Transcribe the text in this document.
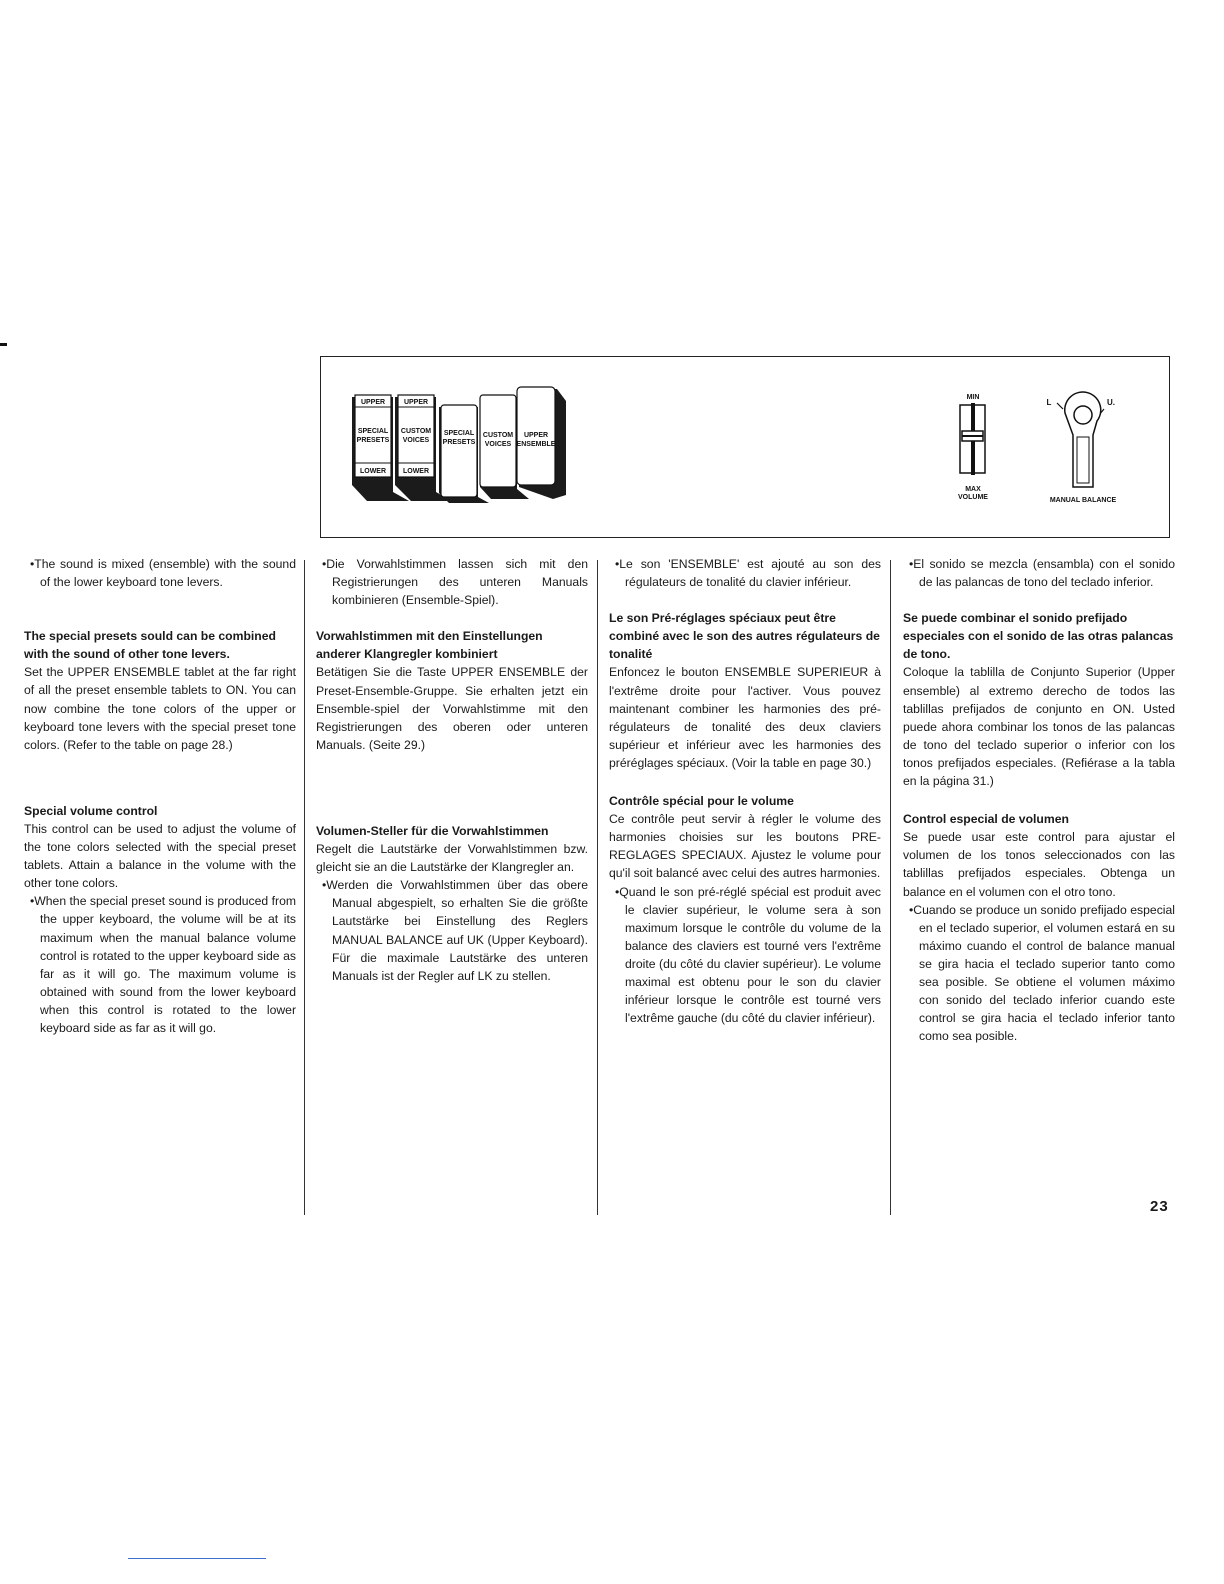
UPPER
SPECIAL
PRESETS
LOWER
UPPER
CUSTOM
VOICES
LOWER
SPECIAL
PRESETS
CUSTOM
VOICES
UPPER
ENSEMBLE
MIN
MAX
VOLUME
L	U.
MANUAL BALANCE

•The sound is mixed (ensemble) with the sound of the lower keyboard tone levers.

The special presets sould can be combined with the sound of other tone levers.

Set the UPPER ENSEMBLE tablet at the far right of all the preset ensemble tablets to ON. You can now combine the tone colors of the upper or keyboard tone levers with the special preset tone colors. (Refer to the table on page 28.)

Special volume control

This control can be used to adjust the volume of the tone colors selected with the special preset tablets. Attain a balance in the volume with the other tone colors.

•When the special preset sound is produced from the upper keyboard, the volume will be at its maximum when the manual balance volume control is rotated to the upper keyboard side as far as it will go. The maximum volume is obtained with sound from the lower keyboard when this control is rotated to the lower keyboard side as far as it will go.

•Die Vorwahlstimmen lassen sich mit den Registrierungen des unteren Manuals kombinieren (Ensemble-Spiel).

Vorwahlstimmen mit den Einstellungen anderer Klangregler kombiniert

Betätigen Sie die Taste UPPER ENSEMBLE der Preset-Ensemble-Gruppe. Sie erhalten jetzt ein Ensemble-spiel der Vorwahlstimme mit den Registrierungen des oberen oder unteren Manuals. (Seite 29.)

Volumen-Steller für die Vorwahlstimmen

Regelt die Lautstärke der Vorwahlstimmen bzw. gleicht sie an die Lautstärke der Klangregler an.

•Werden die Vorwahlstimmen über das obere Manual abgespielt, so erhalten Sie die größte Lautstärke bei Einstellung des Reglers MANUAL BALANCE auf UK (Upper Keyboard). Für die maximale Lautstärke des unteren Manuals ist der Regler auf LK zu stellen.

•Le son 'ENSEMBLE' est ajouté au son des régulateurs de tonalité du clavier inférieur.

Le son Pré-réglages spéciaux peut être combiné avec le son des autres régulateurs de tonalité

Enfoncez le bouton ENSEMBLE SUPERIEUR à l'extrême droite pour l'activer. Vous pouvez maintenant combiner les harmonies des pré-régulateurs de tonalité des deux claviers supérieur et inférieur avec les harmonies des préréglages spéciaux. (Voir la table en page 30.)

Contrôle spécial pour le volume

Ce contrôle peut servir à régler le volume des harmonies choisies sur les boutons PRE-REGLAGES SPECIAUX. Ajustez le volume pour qu'il soit balancé avec celui des autres harmonies.

•Quand le son pré-réglé spécial est produit avec le clavier supérieur, le volume sera à son maximum lorsque le contrôle du volume de la balance des claviers est tourné vers l'extrême droite (du côté du clavier supérieur). Le volume maximal est obtenu pour le son du clavier inférieur lorsque le contrôle est tourné vers l'extrême gauche (du côté du clavier inférieur).

•El sonido se mezcla (ensambla) con el sonido de las palancas de tono del teclado inferior.

Se puede combinar el sonido prefijado especiales con el sonido de las otras palancas de tono.

Coloque la tablilla de Conjunto Superior (Upper ensemble) al extremo derecho de todos las tablillas prefijados de conjunto en ON. Usted puede ahora combinar los tonos de las palancas de tono del teclado superior o inferior con los tonos prefijados especiales. (Refiérase a la tabla en la página 31.)

Control especial de volumen

Se puede usar este control para ajustar el volumen de los tonos seleccionados con las tablillas prefijados especiales. Obtenga un balance en el volumen con el otro tono.

•Cuando se produce un sonido prefijado especial en el teclado superior, el volumen estará en su máximo cuando el control de balance manual se gira hacia el teclado superior tanto como sea posible. Se obtiene el volumen máximo con sonido del teclado inferior cuando este control se gira hacia el teclado inferior tanto como sea posible.

23
